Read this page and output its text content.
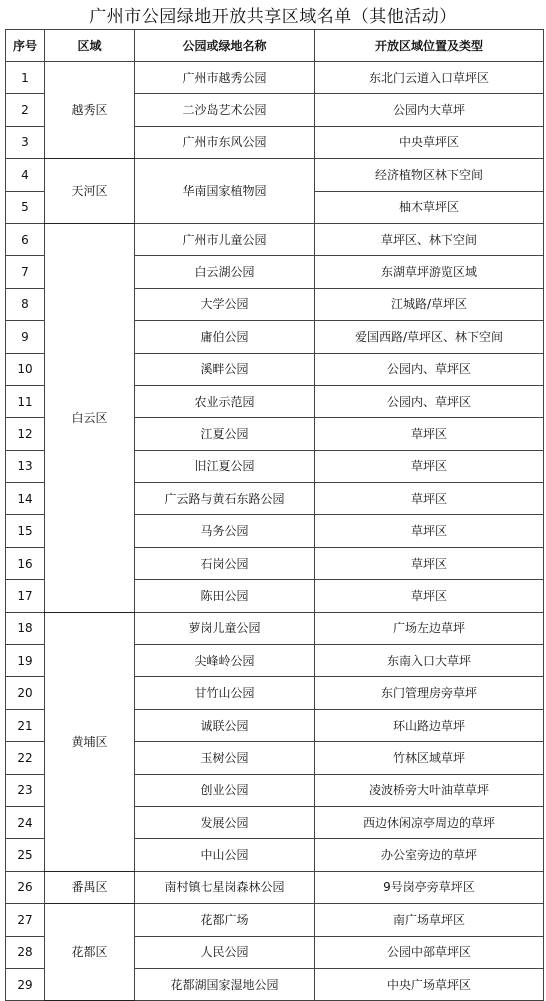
广州市公园绿地开放共享区域名单（其他活动）
序号	区域	公园或绿地名称	开放区域位置及类型
1	越秀区	广州市越秀公园	东北门云道入口草坪区
2		二沙岛艺术公园	公园内大草坪
3		广州市东风公园	中央草坪区
4	天河区	华南国家植物园	经济植物区林下空间
5			柚木草坪区
6	白云区	广州市儿童公园	草坪区、林下空间
7		白云湖公园	东湖草坪游览区域
8		大学公园	江城路/草坪区
9		庸伯公园	爱国西路/草坪区、林下空间
10		溪畔公园	公园内、草坪区
11		农业示范园	公园内、草坪区
12		江夏公园	草坪区
13		旧江夏公园	草坪区
14		广云路与黄石东路公园	草坪区
15		马务公园	草坪区
16		石岗公园	草坪区
17		陈田公园	草坪区
18	黄埔区	萝岗儿童公园	广场左边草坪
19		尖峰岭公园	东南入口大草坪
20		甘竹山公园	东门管理房旁草坪
21		诚联公园	环山路边草坪
22		玉树公园	竹林区域草坪
23		创业公园	凌波桥旁大叶油草草坪
24		发展公园	西边休闲凉亭周边的草坪
25		中山公园	办公室旁边的草坪
26	番禺区	南村镇七星岗森林公园	9号岗亭旁草坪区
27	花都区	花都广场	南广场草坪区
28		人民公园	公园中部草坪区
29		花都湖国家湿地公园	中央广场草坪区
